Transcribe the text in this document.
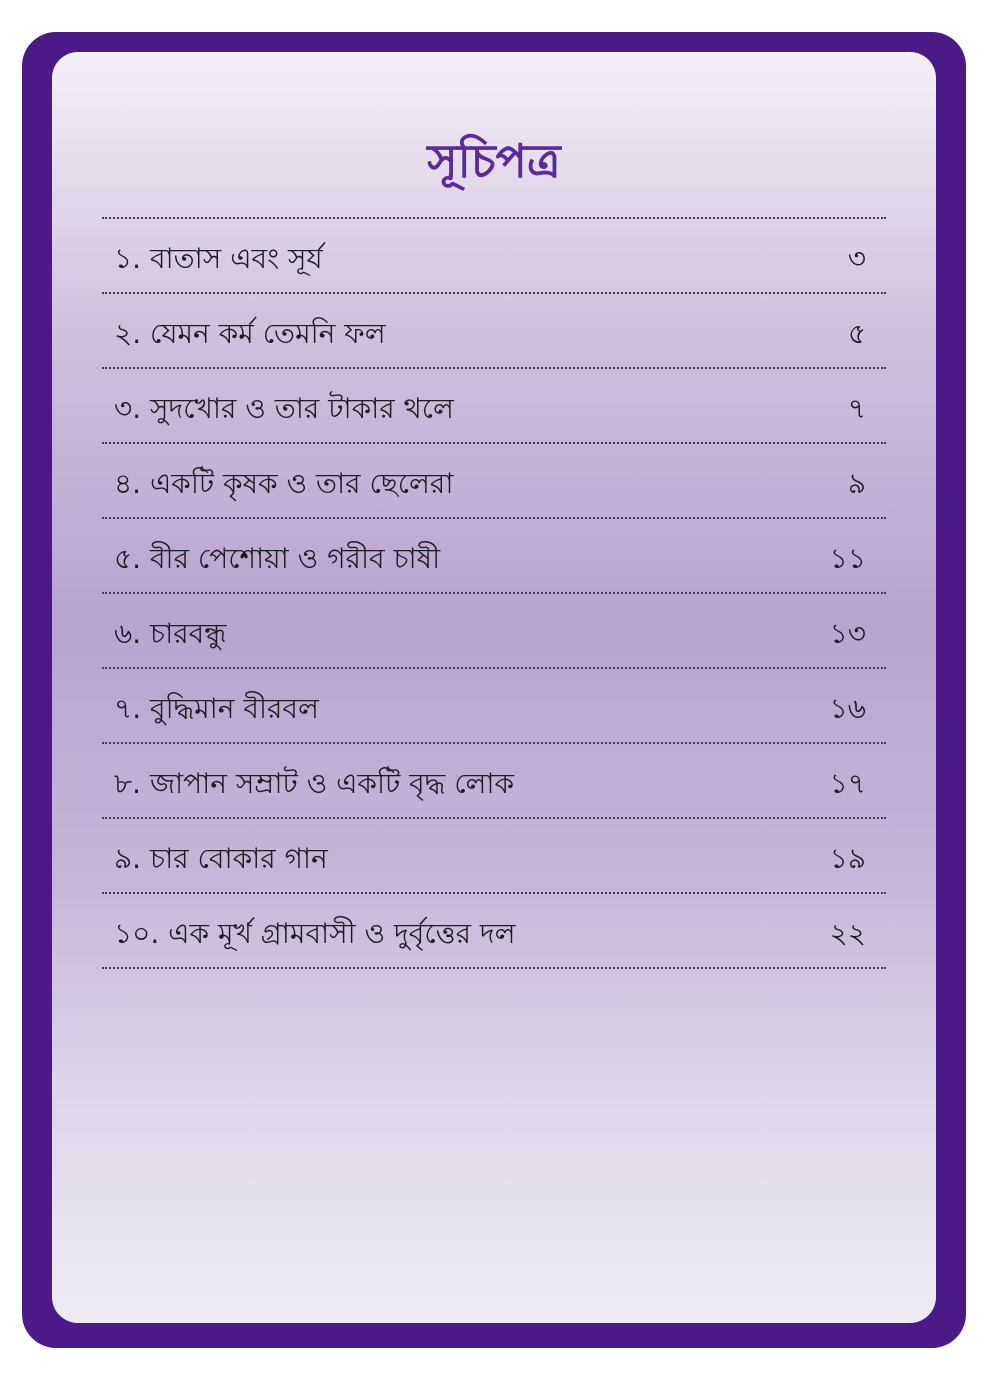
সূচিপত্র
১. বাতাস এবং সূর্য	৩
২. যেমন কর্ম তেমনি ফল	৫
৩. সুদখোর ও তার টাকার থলে	৭
৪. একটি কৃষক ও তার ছেলেরা	৯
৫. বীর পেশোয়া ও গরীব চাষী	১১
৬. চারবন্ধু	১৩
৭. বুদ্ধিমান বীরবল	১৬
৮. জাপান সম্রাট ও একটি বৃদ্ধ লোক	১৭
৯. চার বোকার গান	১৯
১০. এক মূর্খ গ্রামবাসী ও দুর্বৃত্তের দল	২২
